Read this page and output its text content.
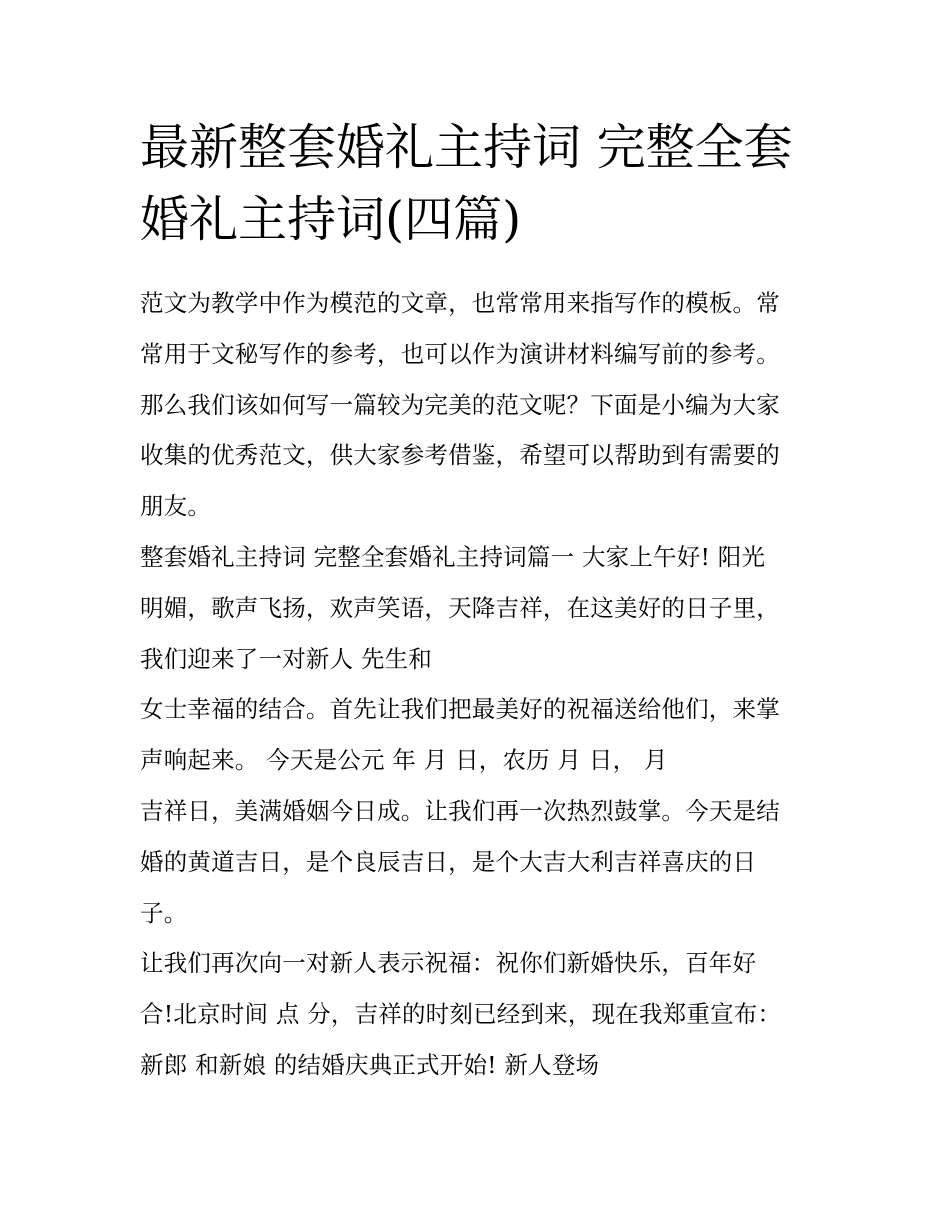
最新整套婚礼主持词 完整全套
婚礼主持词(四篇)
范文为教学中作为模范的文章，也常常用来指写作的模板。常
常用于文秘写作的参考，也可以作为演讲材料编写前的参考。
那么我们该如何写一篇较为完美的范文呢？下面是小编为大家
收集的优秀范文，供大家参考借鉴，希望可以帮助到有需要的
朋友。
整套婚礼主持词 完整全套婚礼主持词篇一 大家上午好! 阳光
明媚，歌声飞扬，欢声笑语，天降吉祥，在这美好的日子里，
我们迎来了一对新人 先生和
女士幸福的结合。首先让我们把最美好的祝福送给他们，来掌
声响起来。 今天是公元 年 月 日，农历 月 日， 月
吉祥日，美满婚姻今日成。让我们再一次热烈鼓掌。今天是结
婚的黄道吉日，是个良辰吉日，是个大吉大利吉祥喜庆的日
子。
让我们再次向一对新人表示祝福：祝你们新婚快乐，百年好
合!北京时间 点 分，吉祥的时刻已经到来，现在我郑重宣布：
新郎 和新娘 的结婚庆典正式开始! 新人登场
